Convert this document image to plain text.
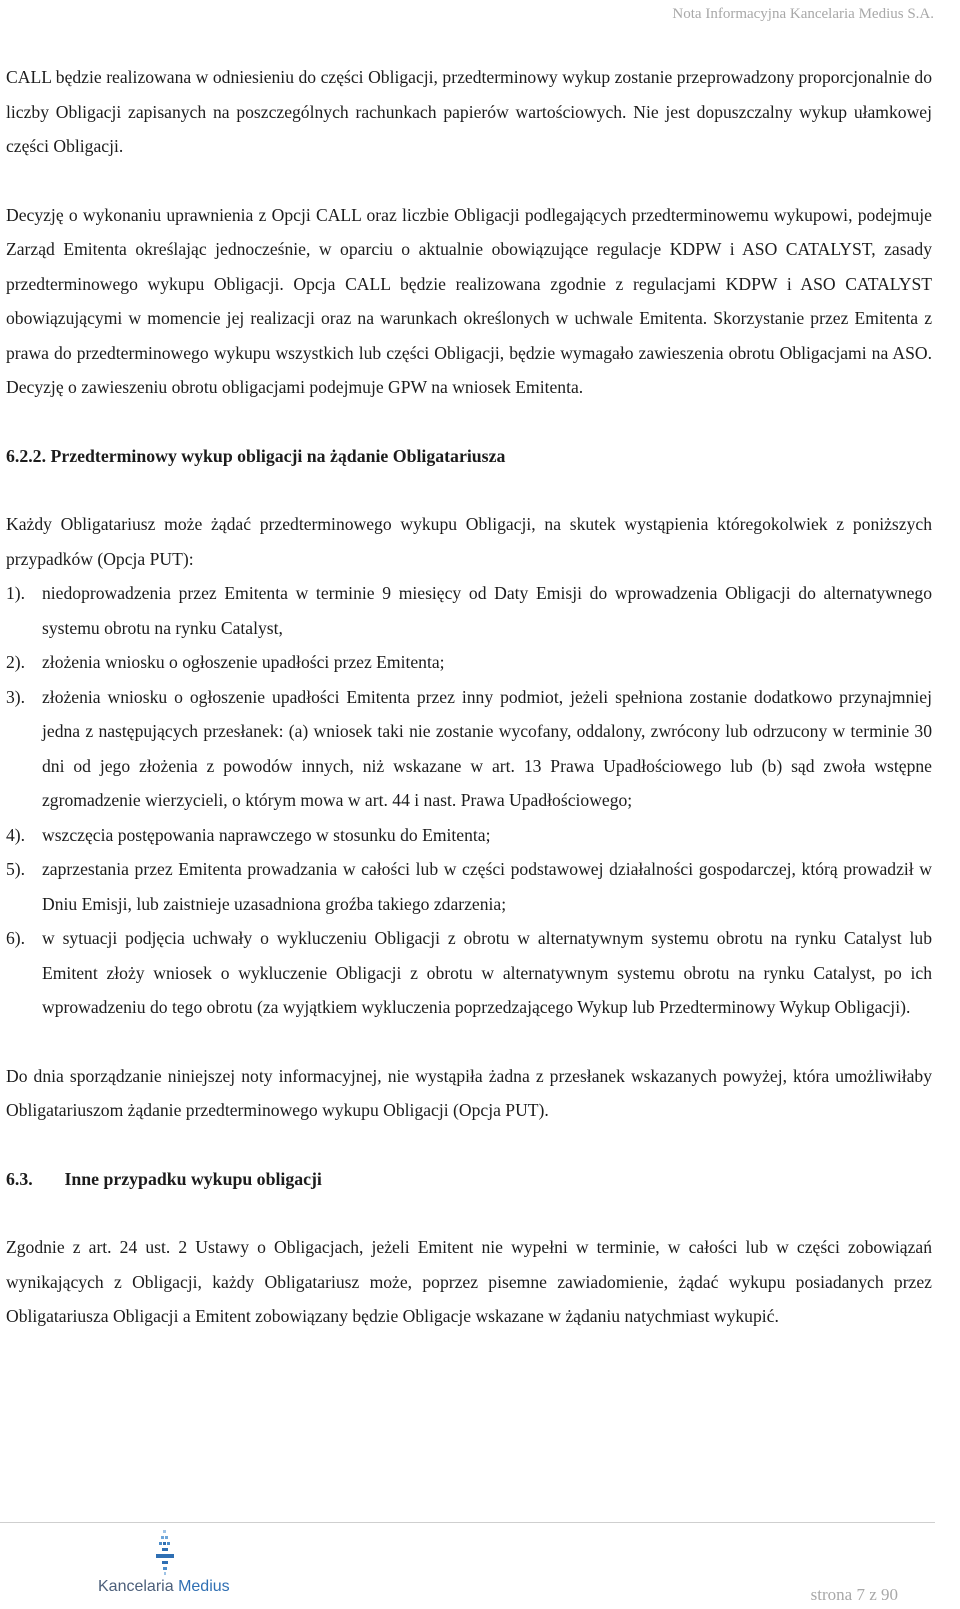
Nota Informacyjna Kancelaria Medius S.A.

CALL będzie realizowana w odniesieniu do części Obligacji, przedterminowy wykup zostanie przeprowadzony proporcjonalnie do liczby Obligacji zapisanych na poszczególnych rachunkach papierów wartościowych. Nie jest dopuszczalny wykup ułamkowej części Obligacji.

Decyzję o wykonaniu uprawnienia z Opcji CALL oraz liczbie Obligacji podlegających przedterminowemu wykupowi, podejmuje Zarząd Emitenta określając jednocześnie, w oparciu o aktualnie obowiązujące regulacje KDPW i ASO CATALYST, zasady przedterminowego wykupu Obligacji. Opcja CALL będzie realizowana zgodnie z regulacjami KDPW i ASO CATALYST obowiązującymi w momencie jej realizacji oraz na warunkach określonych w uchwale Emitenta. Skorzystanie przez Emitenta z prawa do przedterminowego wykupu wszystkich lub części Obligacji, będzie wymagało zawieszenia obrotu Obligacjami na ASO. Decyzję o zawieszeniu obrotu obligacjami podejmuje GPW na wniosek Emitenta.

6.2.2. Przedterminowy wykup obligacji na żądanie Obligatariusza

Każdy Obligatariusz może żądać przedterminowego wykupu Obligacji, na skutek wystąpienia któregokolwiek z poniższych przypadków (Opcja PUT):

1). niedoprowadzenia przez Emitenta w terminie 9 miesięcy od Daty Emisji do wprowadzenia Obligacji do alternatywnego systemu obrotu na rynku Catalyst,
2). złożenia wniosku o ogłoszenie upadłości przez Emitenta;
3). złożenia wniosku o ogłoszenie upadłości Emitenta przez inny podmiot, jeżeli spełniona zostanie dodatkowo przynajmniej jedna z następujących przesłanek: (a) wniosek taki nie zostanie wycofany, oddalony, zwrócony lub odrzucony w terminie 30 dni od jego złożenia z powodów innych, niż wskazane w art. 13 Prawa Upadłościowego lub (b) sąd zwoła wstępne zgromadzenie wierzycieli, o którym mowa w art. 44 i nast. Prawa Upadłościowego;
4). wszczęcia postępowania naprawczego w stosunku do Emitenta;
5). zaprzestania przez Emitenta prowadzania w całości lub w części podstawowej działalności gospodarczej, którą prowadził w Dniu Emisji, lub zaistnieje uzasadniona groźba takiego zdarzenia;
6). w sytuacji podjęcia uchwały o wykluczeniu Obligacji z obrotu w alternatywnym systemu obrotu na rynku Catalyst lub Emitent złoży wniosek o wykluczenie Obligacji z obrotu w alternatywnym systemu obrotu na rynku Catalyst, po ich wprowadzeniu do tego obrotu (za wyjątkiem wykluczenia poprzedzającego Wykup lub Przedterminowy Wykup Obligacji).

Do dnia sporządzanie niniejszej noty informacyjnej, nie wystąpiła żadna z przesłanek wskazanych powyżej, która umożliwiłaby Obligatariuszom żądanie przedterminowego wykupu Obligacji (Opcja PUT).

6.3. Inne przypadku wykupu obligacji

Zgodnie z art. 24 ust. 2 Ustawy o Obligacjach, jeżeli Emitent nie wypełni w terminie, w całości lub w części zobowiązań wynikających z Obligacji, każdy Obligatariusz może, poprzez pisemne zawiadomienie, żądać wykupu posiadanych przez Obligatariusza Obligacji a Emitent zobowiązany będzie Obligacje wskazane w żądaniu natychmiast wykupić.

Kancelaria Medius	strona 7 z 90
